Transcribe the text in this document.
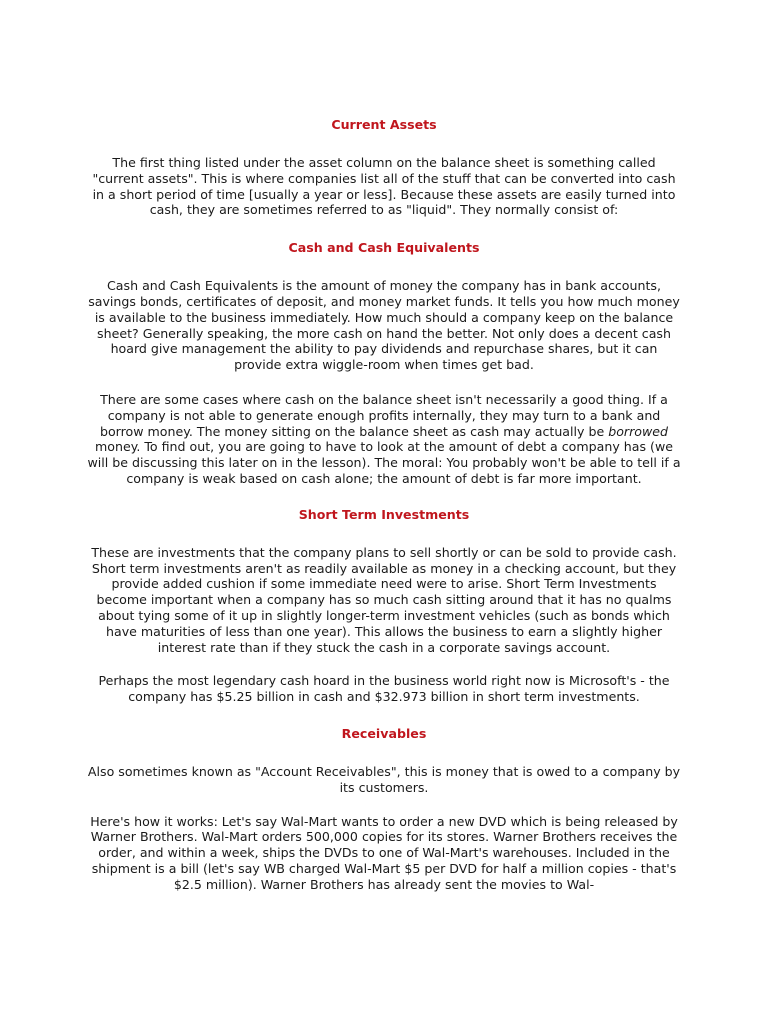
Current Assets

The first thing listed under the asset column on the balance sheet is something called "current assets". This is where companies list all of the stuff that can be converted into cash in a short period of time [usually a year or less]. Because these assets are easily turned into cash, they are sometimes referred to as "liquid". They normally consist of:

Cash and Cash Equivalents

Cash and Cash Equivalents is the amount of money the company has in bank accounts, savings bonds, certificates of deposit, and money market funds. It tells you how much money is available to the business immediately. How much should a company keep on the balance sheet? Generally speaking, the more cash on hand the better. Not only does a decent cash hoard give management the ability to pay dividends and repurchase shares, but it can provide extra wiggle-room when times get bad.

There are some cases where cash on the balance sheet isn't necessarily a good thing. If a company is not able to generate enough profits internally, they may turn to a bank and borrow money. The money sitting on the balance sheet as cash may actually be borrowed money. To find out, you are going to have to look at the amount of debt a company has (we will be discussing this later on in the lesson). The moral: You probably won't be able to tell if a company is weak based on cash alone; the amount of debt is far more important.

Short Term Investments

These are investments that the company plans to sell shortly or can be sold to provide cash. Short term investments aren't as readily available as money in a checking account, but they provide added cushion if some immediate need were to arise. Short Term Investments become important when a company has so much cash sitting around that it has no qualms about tying some of it up in slightly longer-term investment vehicles (such as bonds which have maturities of less than one year). This allows the business to earn a slightly higher interest rate than if they stuck the cash in a corporate savings account.

Perhaps the most legendary cash hoard in the business world right now is Microsoft's - the company has $5.25 billion in cash and $32.973 billion in short term investments.

Receivables

Also sometimes known as "Account Receivables", this is money that is owed to a company by its customers.

Here's how it works: Let's say Wal-Mart wants to order a new DVD which is being released by Warner Brothers. Wal-Mart orders 500,000 copies for its stores. Warner Brothers receives the order, and within a week, ships the DVDs to one of Wal-Mart's warehouses. Included in the shipment is a bill (let's say WB charged Wal-Mart $5 per DVD for half a million copies - that's $2.5 million). Warner Brothers has already sent the movies to Wal-
